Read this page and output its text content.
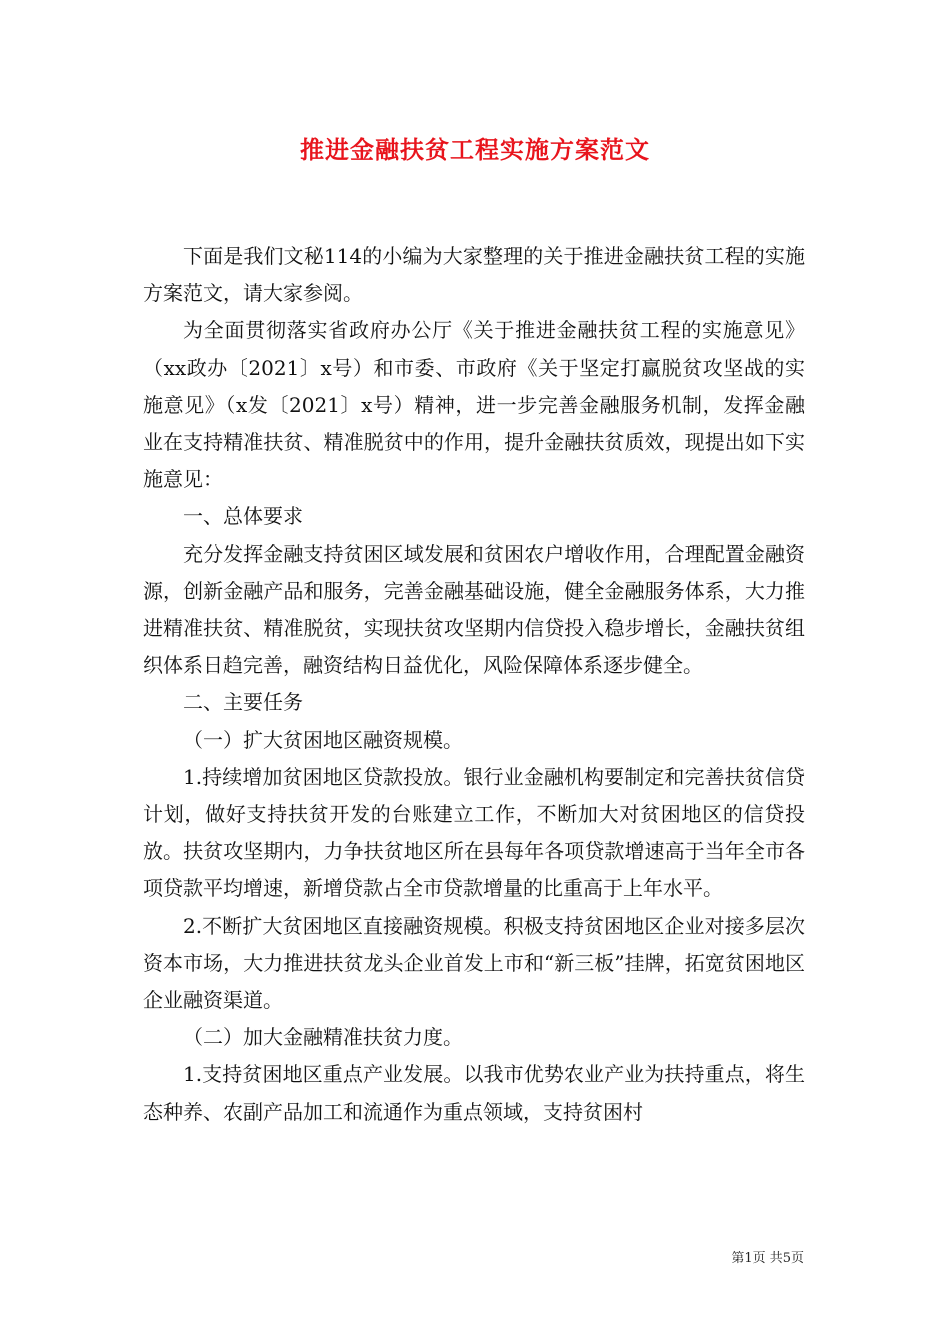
推进金融扶贫工程实施方案范文

下面是我们文秘114的小编为大家整理的关于推进金融扶贫工程的实施方案范文，请大家参阅。

为全面贯彻落实省政府办公厅《关于推进金融扶贫工程的实施意见》（xx政办〔2021〕x号）和市委、市政府《关于坚定打赢脱贫攻坚战的实施意见》（x发〔2021〕x号）精神，进一步完善金融服务机制，发挥金融业在支持精准扶贫、精准脱贫中的作用，提升金融扶贫质效，现提出如下实施意见：

一、总体要求

充分发挥金融支持贫困区域发展和贫困农户增收作用，合理配置金融资源，创新金融产品和服务，完善金融基础设施，健全金融服务体系，大力推进精准扶贫、精准脱贫，实现扶贫攻坚期内信贷投入稳步增长，金融扶贫组织体系日趋完善，融资结构日益优化，风险保障体系逐步健全。

二、主要任务

（一）扩大贫困地区融资规模。

1.持续增加贫困地区贷款投放。银行业金融机构要制定和完善扶贫信贷计划，做好支持扶贫开发的台账建立工作，不断加大对贫困地区的信贷投放。扶贫攻坚期内，力争扶贫地区所在县每年各项贷款增速高于当年全市各项贷款平均增速，新增贷款占全市贷款增量的比重高于上年水平。

2.不断扩大贫困地区直接融资规模。积极支持贫困地区企业对接多层次资本市场，大力推进扶贫龙头企业首发上市和“新三板”挂牌，拓宽贫困地区企业融资渠道。

（二）加大金融精准扶贫力度。

1.支持贫困地区重点产业发展。以我市优势农业产业为扶持重点，将生态种养、农副产品加工和流通作为重点领域，支持贫困村

第1页 共5页
